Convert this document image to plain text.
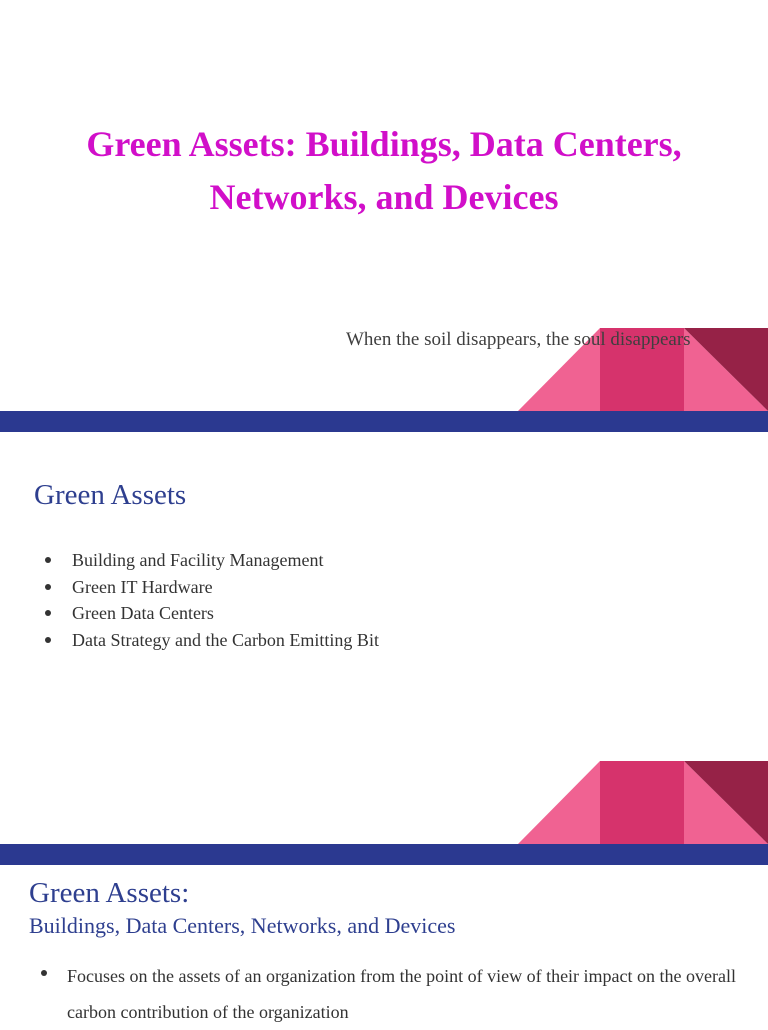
Green Assets: Buildings, Data Centers, Networks, and Devices
When the soil disappears, the soul disappears
Green Assets
Building and Facility Management
Green IT Hardware
Green Data Centers
Data Strategy and the Carbon Emitting Bit
Green Assets:
Buildings, Data Centers, Networks, and Devices
Focuses on the assets of an organization from the point of view of their impact on the overall carbon contribution of the organization
